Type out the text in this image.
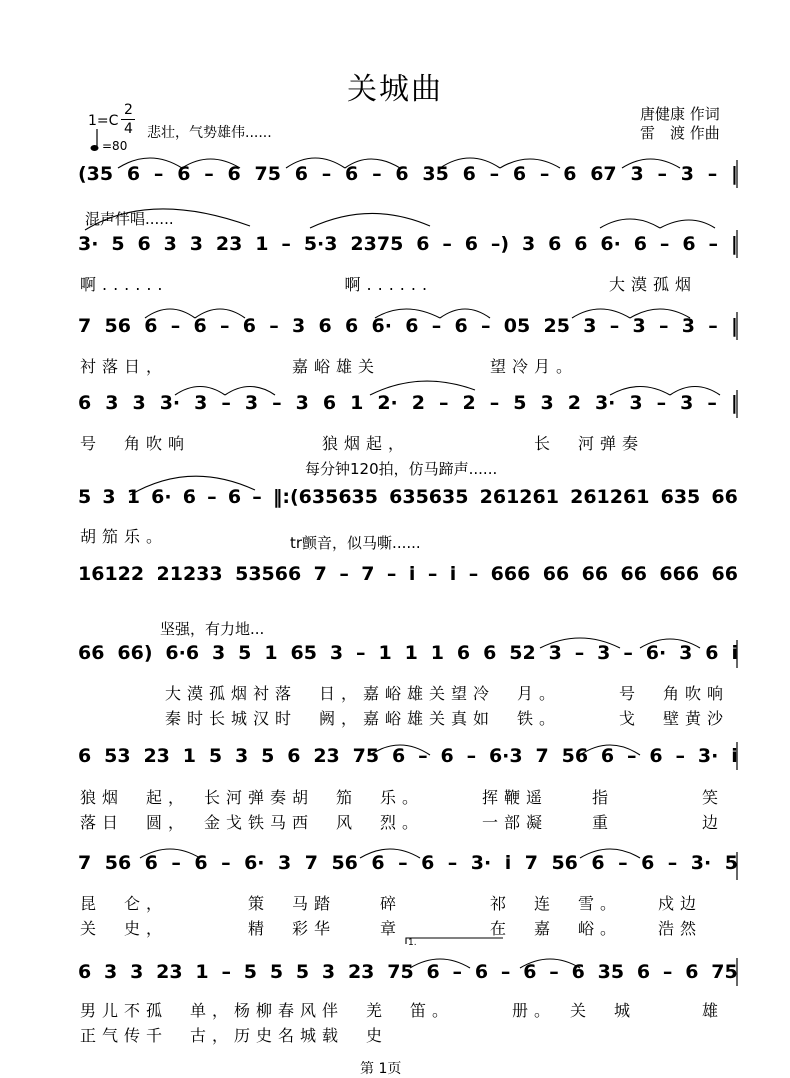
关城曲
1=C
2
4 悲壮，气势雄伟......
=80
唐健康 作词
雷　渡 作曲
(35 6 – 6 – 6 75 6 – 6 – 6 35 6 – 6 – 6 67 3 – 3 – |
混声伴唱......
3· 5 6 3 3 23 1 – 5·3 2375 6 – 6 –) 3 6 6 6· 6 – 6 – |
啊......　　　　　　　　啊......　　　　　　　　大漠孤烟
7 56 6 – 6 – 6 – 3 6 6 6· 6 – 6 – 05 25 3 – 3 – 3 – |
衬落日，　　　　　　嘉峪雄关　　　　　望冷月。
6 3 3 3· 3 – 3 – 3 6 1 2· 2 – 2 – 5 3 2 3· 3 – 3 – |
号　角吹响　　　　　　狼烟起，　　　　　　长　河弹奏
每分钟120拍，仿马蹄声......
5 3 1 6· 6 – 6 – ‖:(635635 635635 261261 261261 635 66
胡笳乐。	tr颤音，似马嘶......
16122 21233 53566 7 – 7 – i – i – 666 66 66 66 666 66
坚强，有力地...
66 66) 6·6 3 5 1 65 3 – 1 1 1 6 6 52 3 – 3 – 6· 3 6 i
大漠孤烟衬落　日，嘉峪雄关望冷　月。　　　号　角吹响
秦时长城汉时　阙，嘉峪雄关真如　铁。　　　戈　壁黄沙
6 53 23 1 5 3 5 6 23 75 6 – 6 – 6·3 7 56 6 – 6 – 3· i
狼烟　起，　长河弹奏胡　笳　乐。　　　挥鞭遥　　指　　　　笑
落日　圆，　金戈铁马西　风　烈。　　　一部凝　　重　　　　边
7 56 6 – 6 – 6· 3 7 56 6 – 6 – 3· i 7 56 6 – 6 – 3· 5
昆　仑，　　　　策　马踏　　碎　　　　祁　连　雪。　　戍边
关　史，　　　　精　彩华　　章　　　　在　嘉　峪。　　浩然
1.
6 3 3 23 1 – 5 5 5 3 23 75 6 – 6 – 6 – 6 35 6 – 6 75
男儿不孤　单，杨柳春风伴　羌　笛。　　　册。　关　城　　　雄
正气传千　古，历史名城载　史
第 1页
